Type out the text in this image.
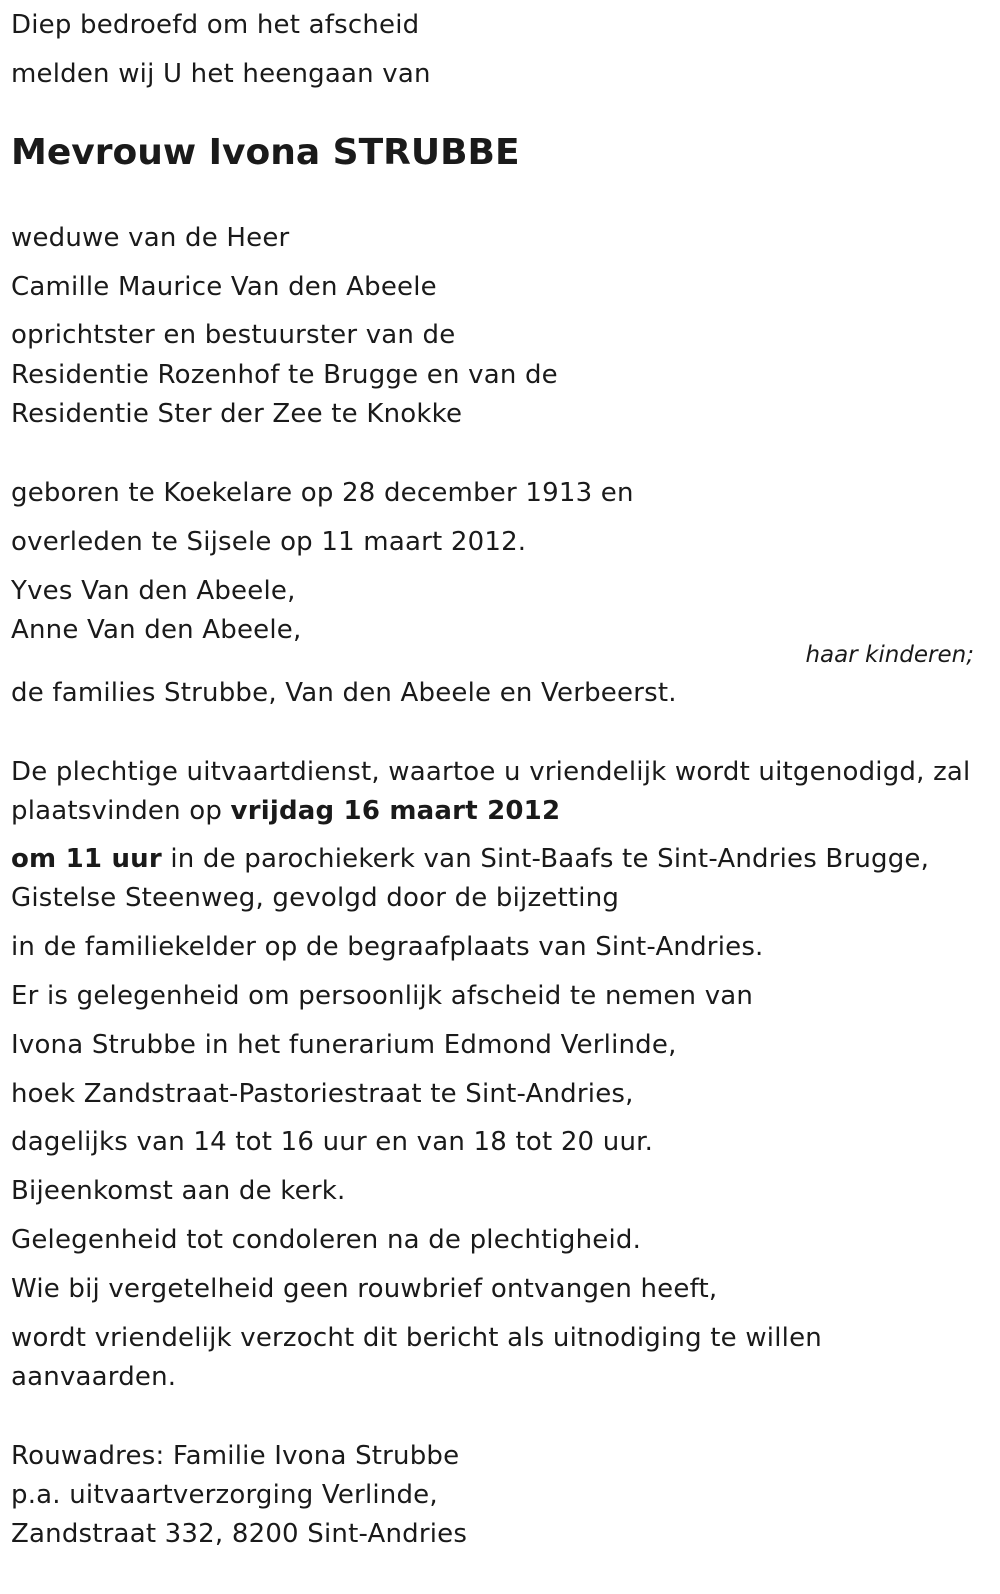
Diep bedroefd om het afscheid
melden wij U het heengaan van
Mevrouw Ivona STRUBBE
weduwe van de Heer
Camille Maurice Van den Abeele
oprichtster en bestuurster van de
Residentie Rozenhof te Brugge en van de
Residentie Ster der Zee te Knokke
geboren te Koekelare op 28 december 1913 en
overleden te Sijsele op 11 maart 2012.
Yves Van den Abeele,
Anne Van den Abeele,
haar kinderen;
de families Strubbe, Van den Abeele en Verbeerst.
De plechtige uitvaartdienst, waartoe u vriendelijk wordt uitgenodigd, zal
plaatsvinden op vrijdag 16 maart 2012
om 11 uur in de parochiekerk van Sint-Baafs te Sint-Andries Brugge,
Gistelse Steenweg, gevolgd door de bijzetting
in de familiekelder op de begraafplaats van Sint-Andries.
Er is gelegenheid om persoonlijk afscheid te nemen van
Ivona Strubbe in het funerarium Edmond Verlinde,
hoek Zandstraat-Pastoriestraat te Sint-Andries,
dagelijks van 14 tot 16 uur en van 18 tot 20 uur.
Bijeenkomst aan de kerk.
Gelegenheid tot condoleren na de plechtigheid.
Wie bij vergetelheid geen rouwbrief ontvangen heeft,
wordt vriendelijk verzocht dit bericht als uitnodiging te willen
aanvaarden.
Rouwadres: Familie Ivona Strubbe
p.a. uitvaartverzorging Verlinde,
Zandstraat 332, 8200 Sint-Andries
